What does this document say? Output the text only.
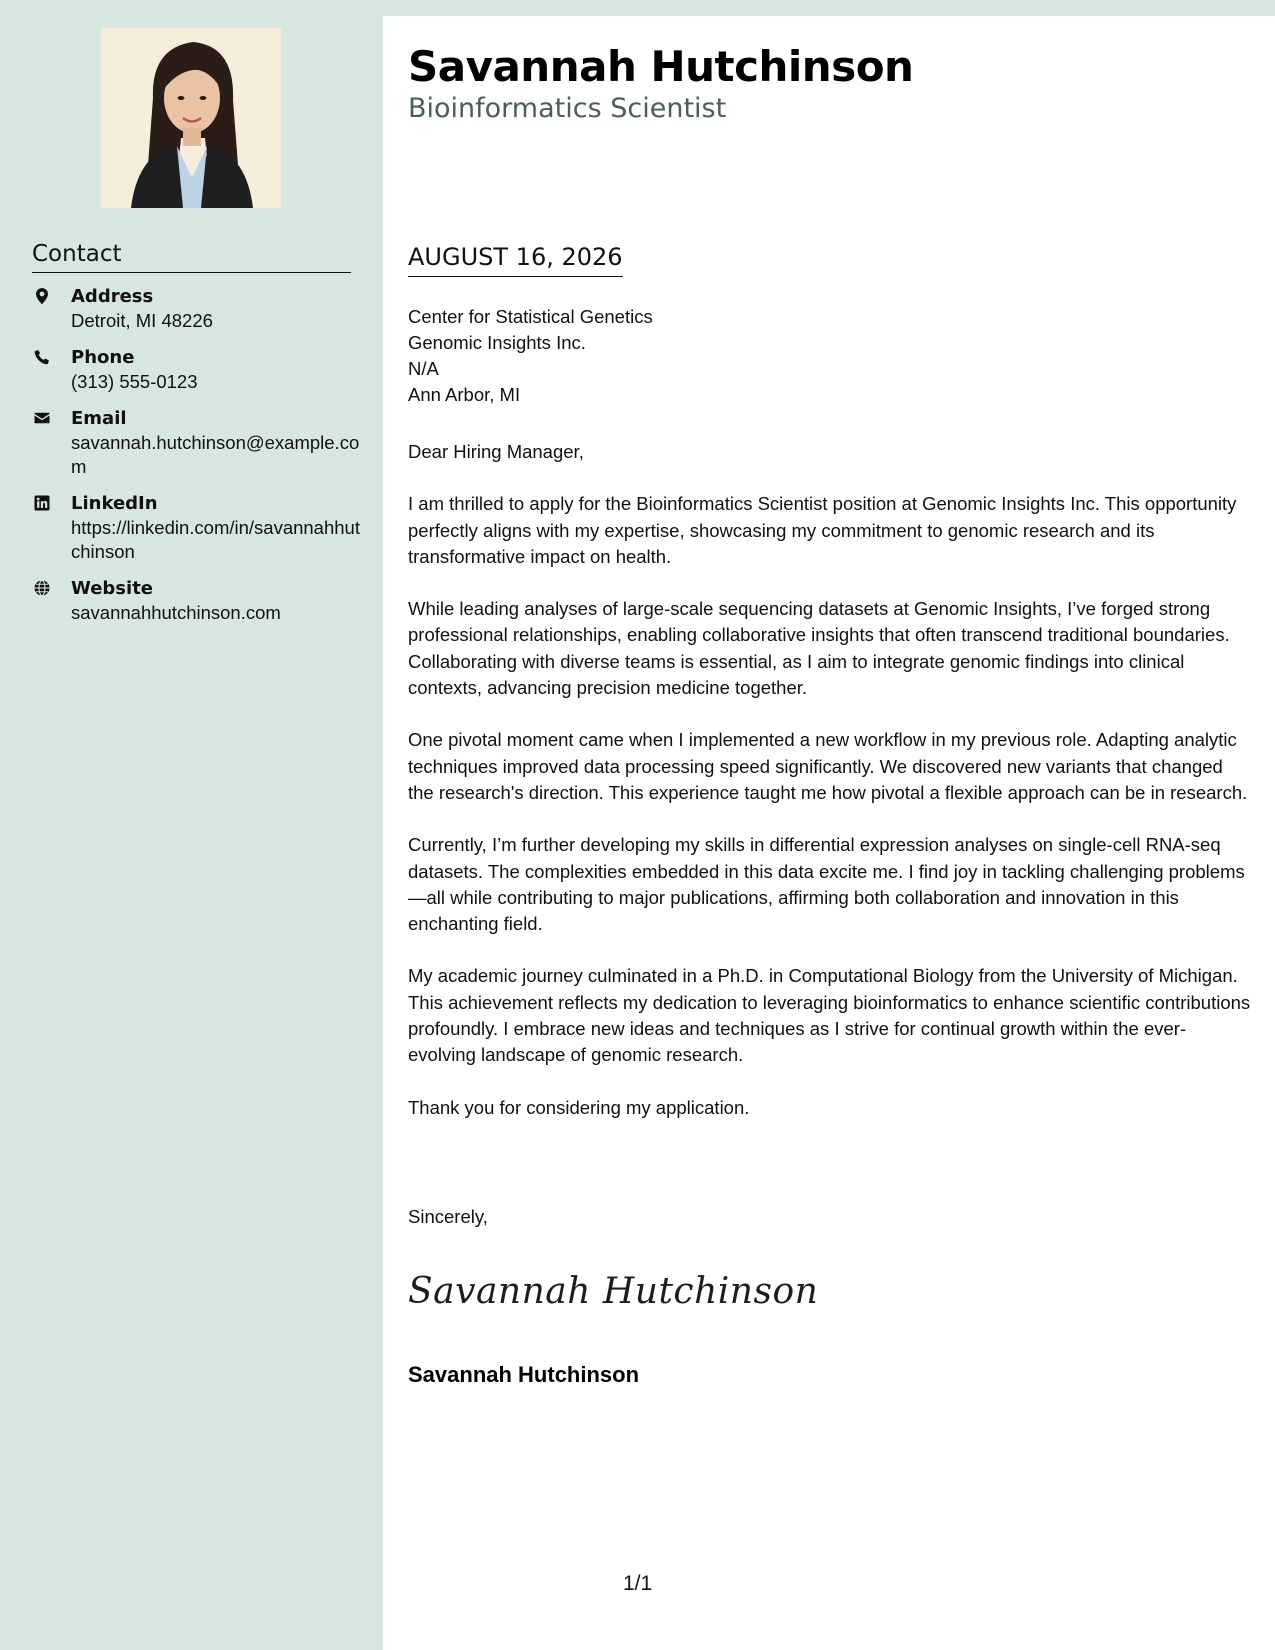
Contact
Address
Detroit, MI 48226
Phone
(313) 555-0123
Email
savannah.hutchinson@example.com
LinkedIn
https://linkedin.com/in/savannahhutchinson
Website
savannahhutchinson.com
Savannah Hutchinson
Bioinformatics Scientist
AUGUST 16, 2026
Center for Statistical Genetics
Genomic Insights Inc.
N/A
Ann Arbor, MI

Dear Hiring Manager,

I am thrilled to apply for the Bioinformatics Scientist position at Genomic Insights Inc. This opportunity perfectly aligns with my expertise, showcasing my commitment to genomic research and its transformative impact on health.

While leading analyses of large-scale sequencing datasets at Genomic Insights, I’ve forged strong professional relationships, enabling collaborative insights that often transcend traditional boundaries. Collaborating with diverse teams is essential, as I aim to integrate genomic findings into clinical contexts, advancing precision medicine together.

One pivotal moment came when I implemented a new workflow in my previous role. Adapting analytic techniques improved data processing speed significantly. We discovered new variants that changed the research's direction. This experience taught me how pivotal a flexible approach can be in research.

Currently, I’m further developing my skills in differential expression analyses on single-cell RNA-seq datasets. The complexities embedded in this data excite me. I find joy in tackling challenging problems—all while contributing to major publications, affirming both collaboration and innovation in this enchanting field.

My academic journey culminated in a Ph.D. in Computational Biology from the University of Michigan. This achievement reflects my dedication to leveraging bioinformatics to enhance scientific contributions profoundly. I embrace new ideas and techniques as I strive for continual growth within the ever-evolving landscape of genomic research.

Thank you for considering my application.

Sincerely,
Savannah Hutchinson
Savannah Hutchinson
1/1
